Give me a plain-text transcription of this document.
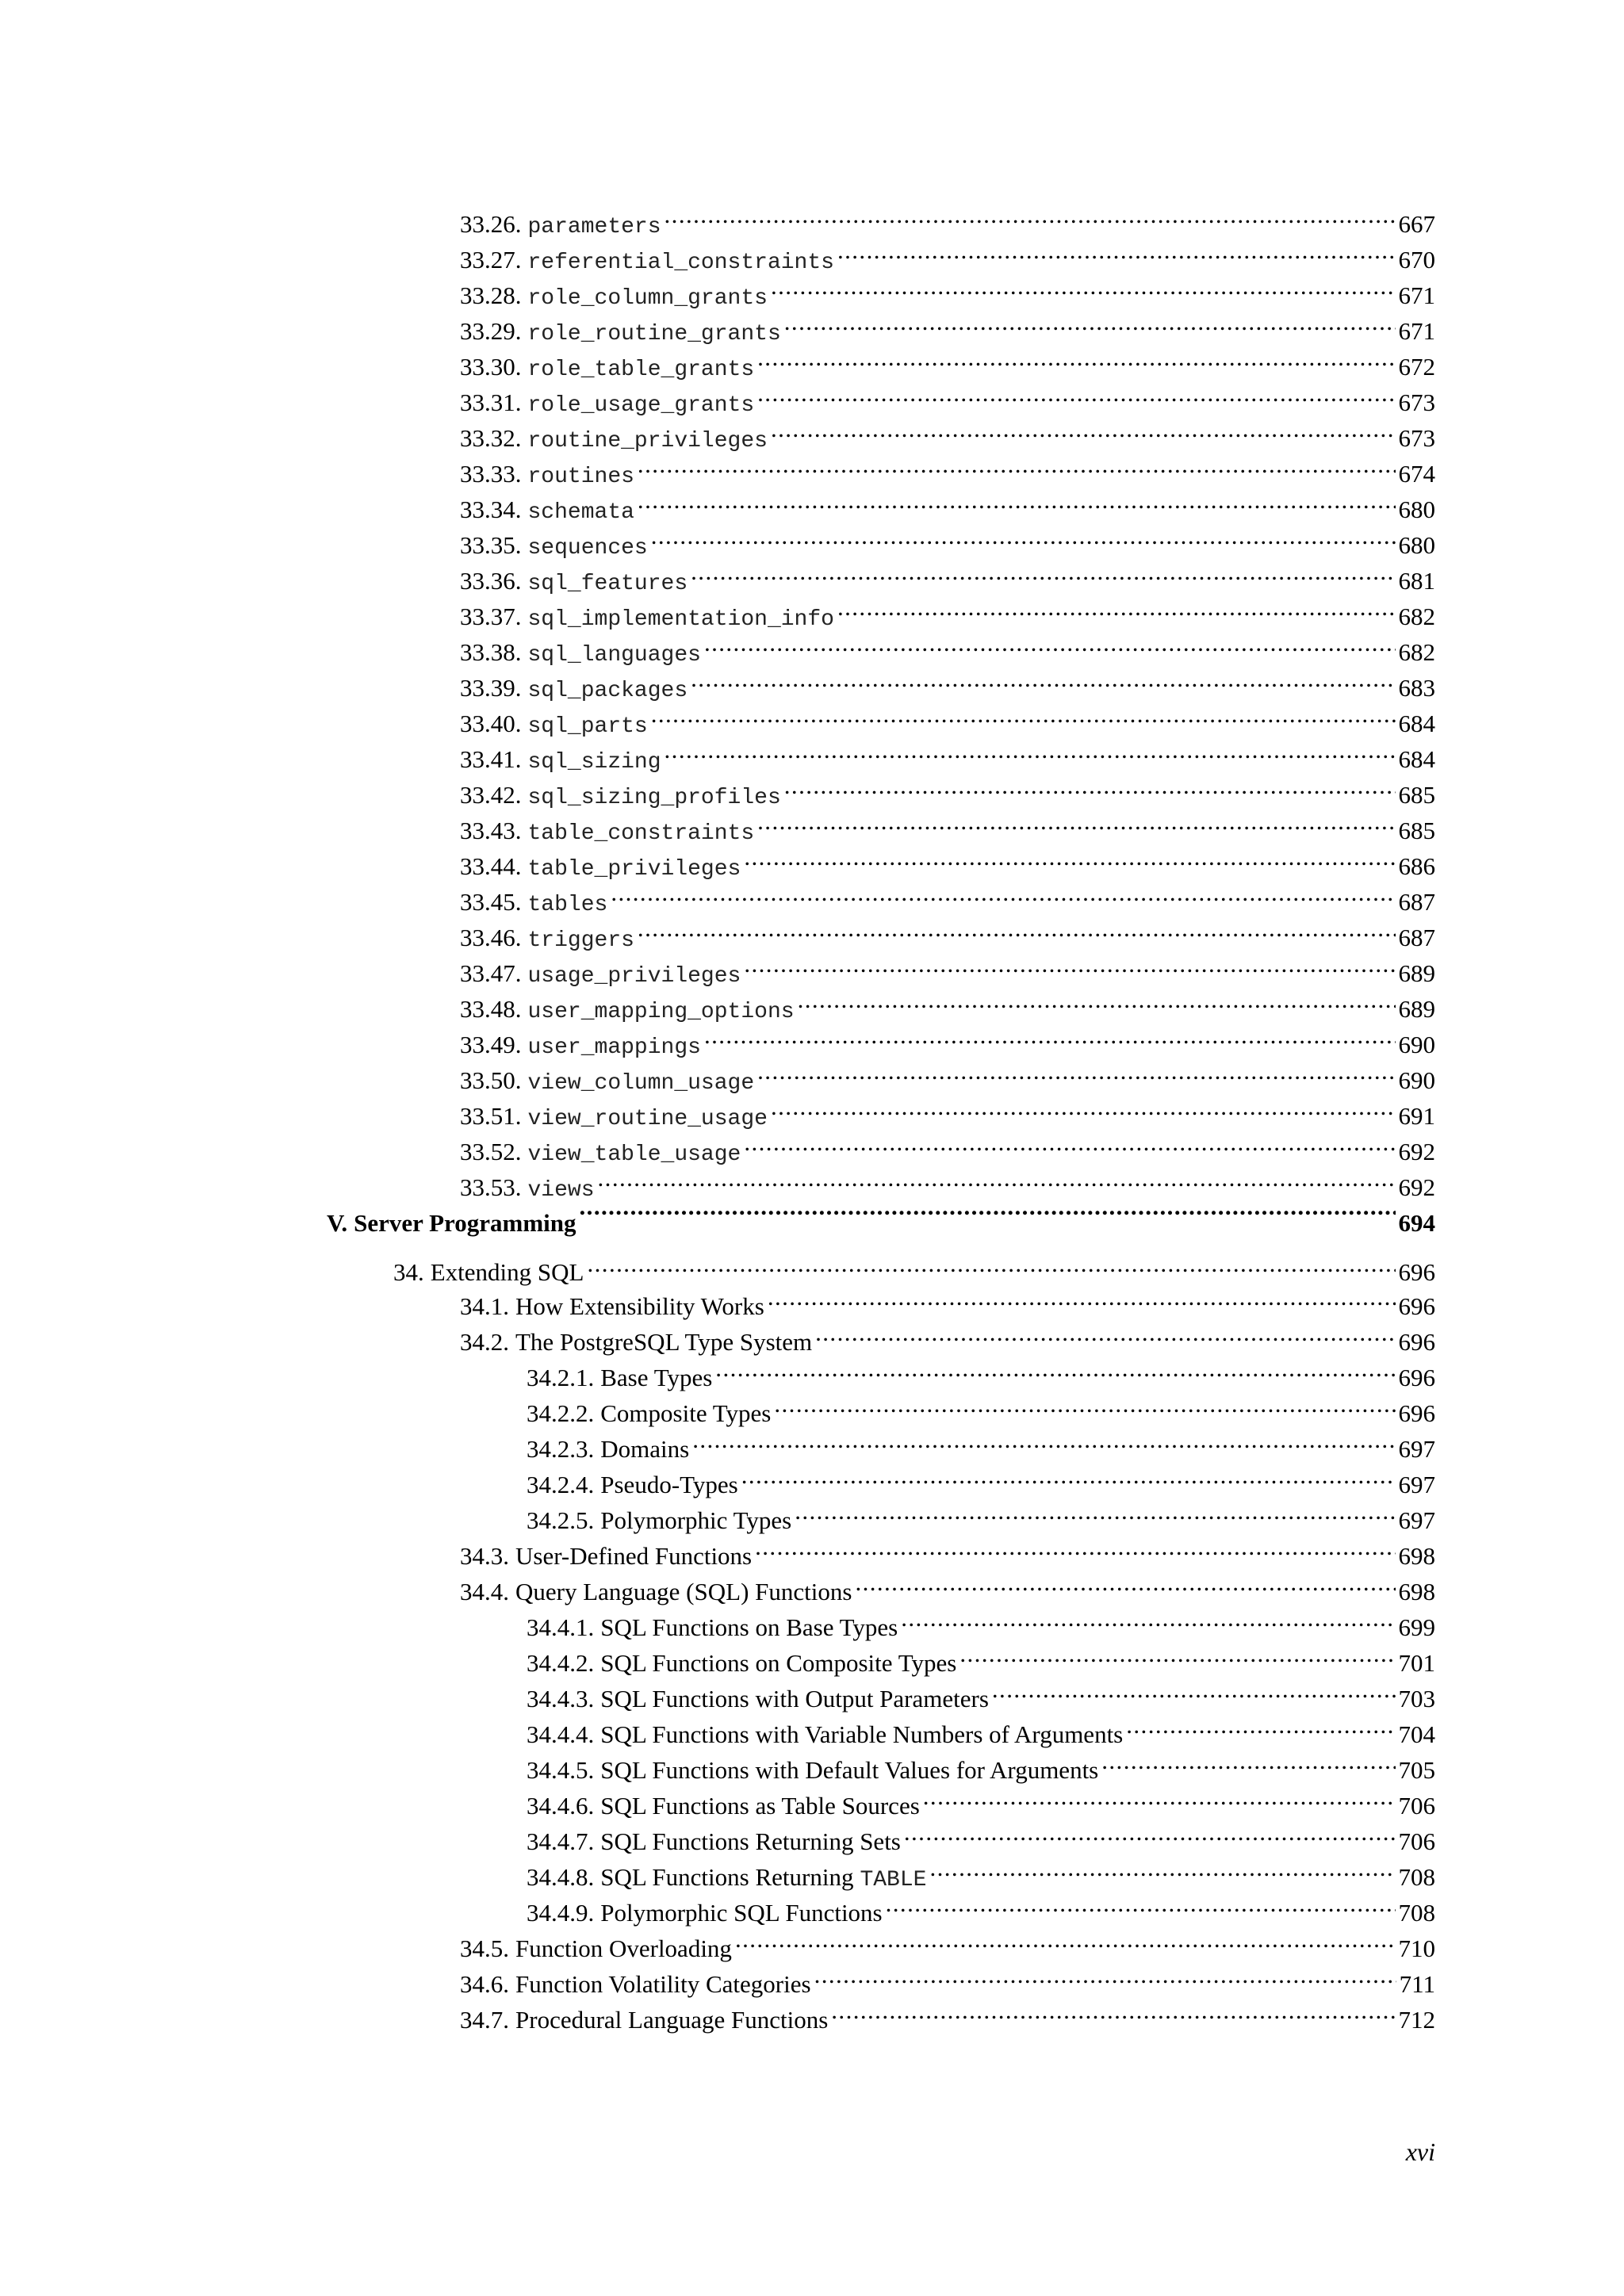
33.26. parameters .....	667
33.27. referential_constraints .....	670
33.28. role_column_grants .....	671
33.29. role_routine_grants .....	671
33.30. role_table_grants .....	672
33.31. role_usage_grants .....	673
33.32. routine_privileges .....	673
33.33. routines .....	674
33.34. schemata .....	680
33.35. sequences .....	680
33.36. sql_features .....	681
33.37. sql_implementation_info .....	682
33.38. sql_languages .....	682
33.39. sql_packages .....	683
33.40. sql_parts .....	684
33.41. sql_sizing .....	684
33.42. sql_sizing_profiles .....	685
33.43. table_constraints .....	685
33.44. table_privileges .....	686
33.45. tables .....	687
33.46. triggers .....	687
33.47. usage_privileges .....	689
33.48. user_mapping_options .....	689
33.49. user_mappings .....	690
33.50. view_column_usage .....	690
33.51. view_routine_usage .....	691
33.52. view_table_usage .....	692
33.53. views .....	692
V. Server Programming .....	694
34. Extending SQL .....	696
34.1. How Extensibility Works .....	696
34.2. The PostgreSQL Type System .....	696
34.2.1. Base Types .....	696
34.2.2. Composite Types .....	696
34.2.3. Domains .....	697
34.2.4. Pseudo-Types .....	697
34.2.5. Polymorphic Types .....	697
34.3. User-Defined Functions .....	698
34.4. Query Language (SQL) Functions .....	698
34.4.1. SQL Functions on Base Types .....	699
34.4.2. SQL Functions on Composite Types .....	701
34.4.3. SQL Functions with Output Parameters .....	703
34.4.4. SQL Functions with Variable Numbers of Arguments .....	704
34.4.5. SQL Functions with Default Values for Arguments .....	705
34.4.6. SQL Functions as Table Sources .....	706
34.4.7. SQL Functions Returning Sets .....	706
34.4.8. SQL Functions Returning TABLE .....	708
34.4.9. Polymorphic SQL Functions .....	708
34.5. Function Overloading .....	710
34.6. Function Volatility Categories .....	711
34.7. Procedural Language Functions .....	712
xvi
